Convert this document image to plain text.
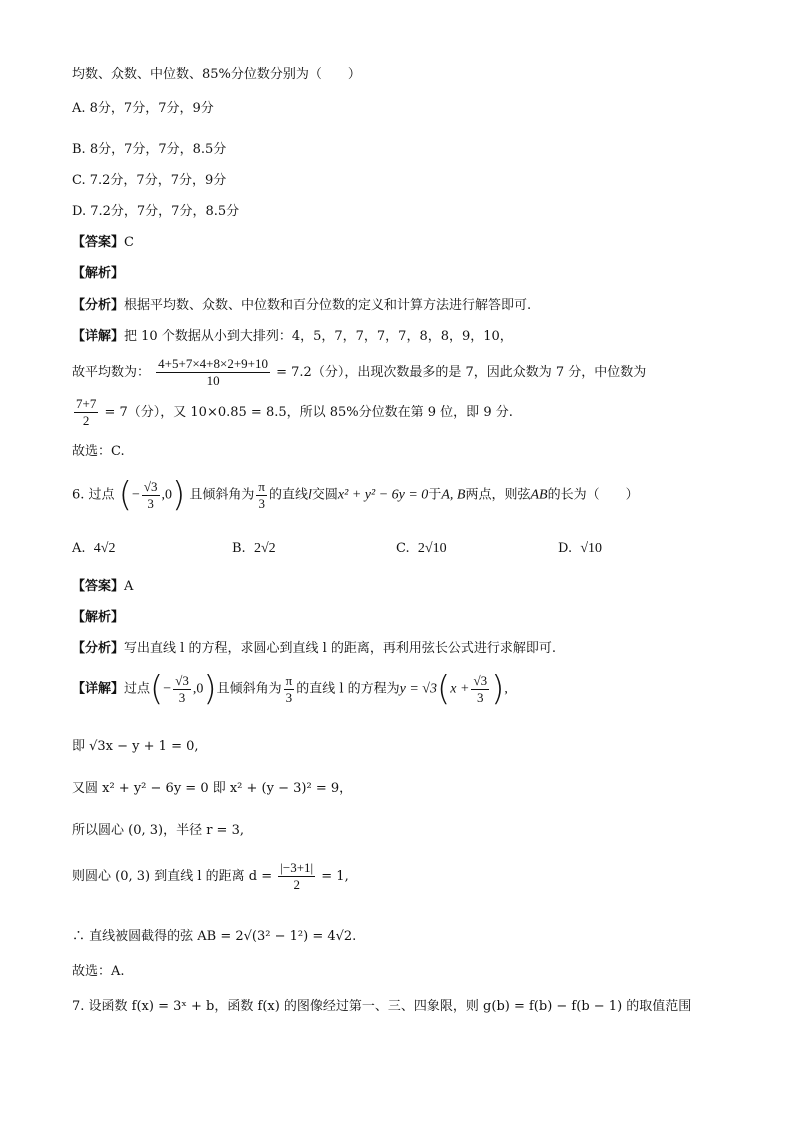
均数、众数、中位数、85%分位数分别为（　　）
A. 8分，7分，7分，9分
B. 8分，7分，7分，8.5分
C. 7.2分，7分，7分，9分
D. 7.2分，7分，7分，8.5分
【答案】C
【解析】
【分析】根据平均数、众数、中位数和百分位数的定义和计算方法进行解答即可.
【详解】把 10 个数据从小到大排列：4，5，7，7，7，7，8，8，9，10，
故平均数为： $\frac{4+5+7\times 4+8\times 2+9+10}{10} = 7.2$（分），出现次数最多的是 7，因此众数为 7 分，中位数为
$\frac{7+7}{2} = 7$（分），又 10×0.85 = 8.5，所以 85%分位数在第 9 位，即 9 分.
故选：C.
6. 过点 (− $\frac{√3}{3} ,0$) 且倾斜角为 $\frac{\pi}{3}$ 的直线l交圆x² + y² − 6y = 0于A, B两点，则弦AB的长为（　　）
A. 4√2	B. 2√2	C. 2√10	D. √10
【答案】A
【解析】
【分析】写出直线 l 的方程，求圆心到直线 l 的距离，再利用弦长公式进行求解即可.
【详解】过点(− $\frac{√3}{3} ,0$)且倾斜角为 $\frac{\pi}{3}$ 的直线 l 的方程为$y = √3(x + \frac{√3}{3}$ ),
即 √3x − y + 1 = 0,
又圆 x² + y² − 6y = 0 即 x² + (y − 3)² = 9，
所以圆心 (0, 3)，半径 r = 3,
则圆心 (0, 3) 到直线 l 的距离 $d = \frac{|-3+1|}{2} = 1$,
∴ 直线被圆截得的弦 AB = 2√(3² − 1²) = 4√2.
故选：A.
7. 设函数 f(x) = 3ˣ + b，函数 f(x) 的图像经过第一、三、四象限，则 g(b) = f(b) − f(b − 1) 的取值范围
